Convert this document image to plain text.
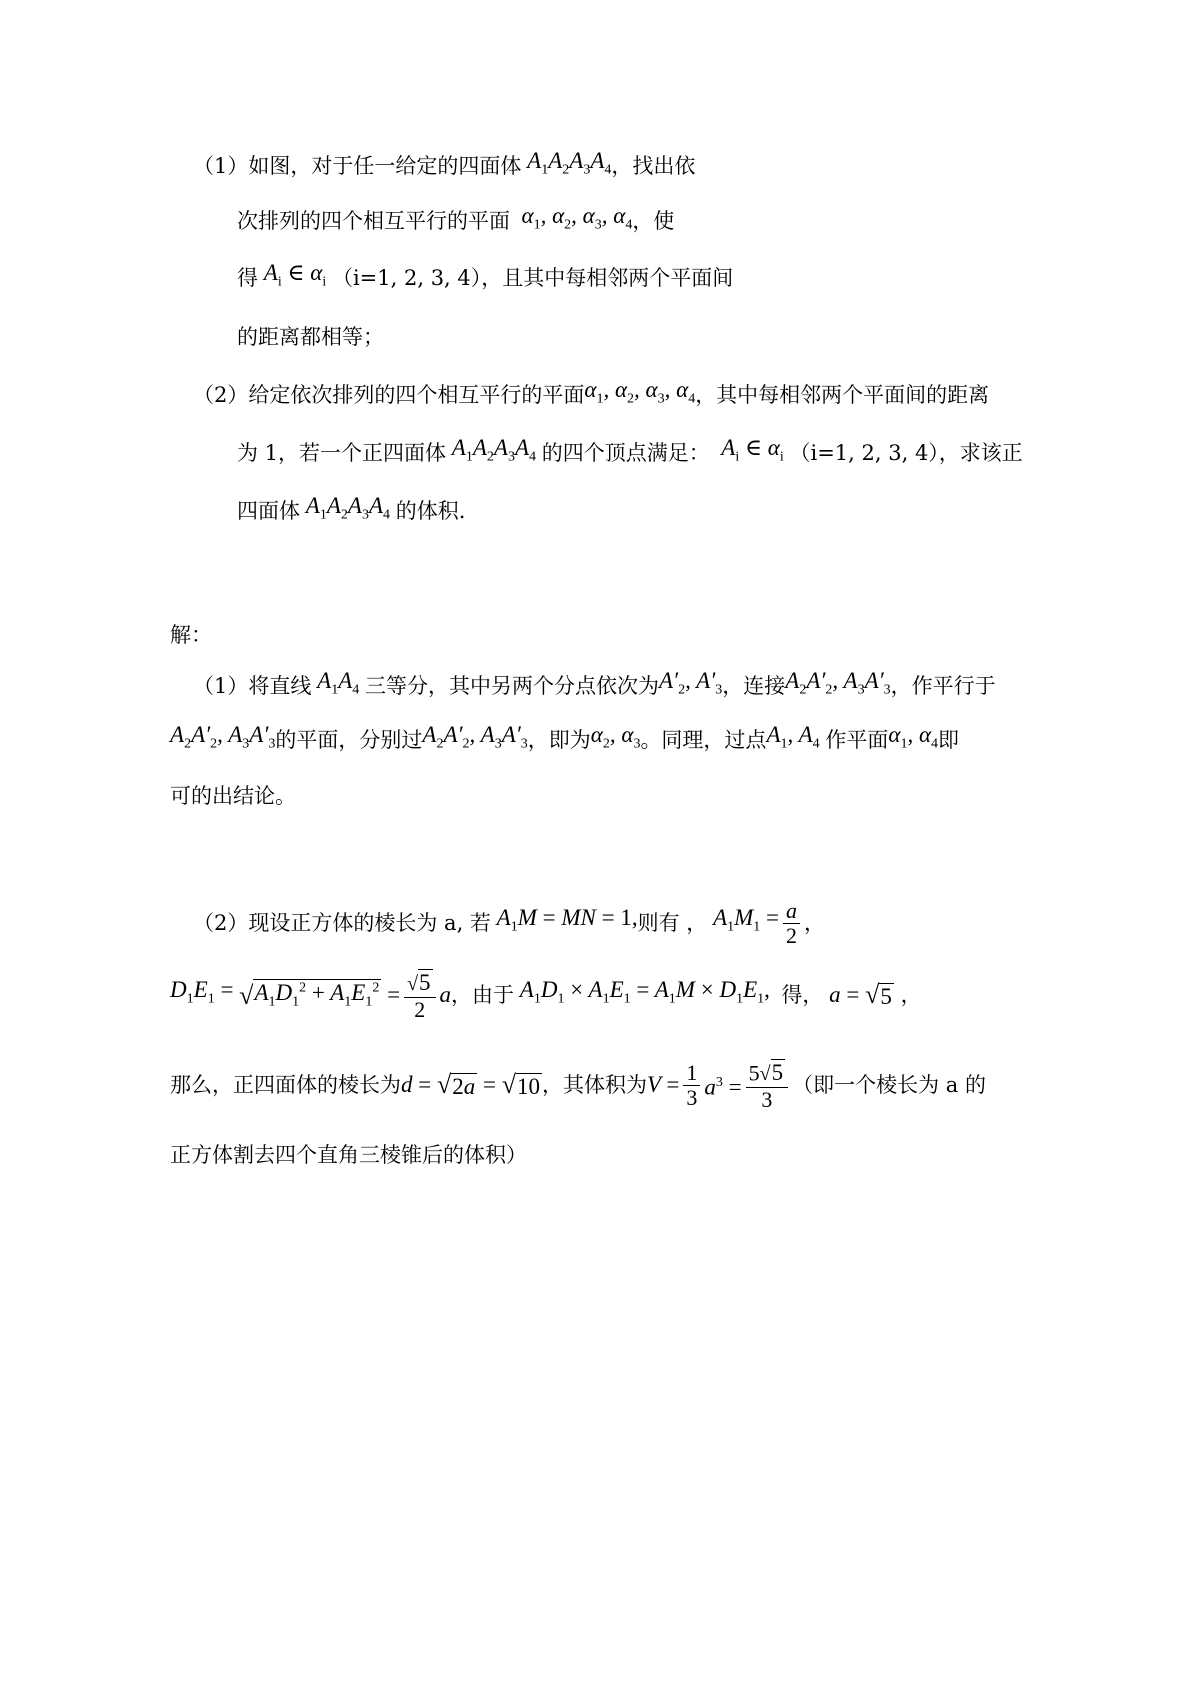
（1） 如图，对于任一给定的四面体 $A_1A_2A_3A_4$ ，找出依
次排列的四个相互平行的平面 $\alpha_1$, $\alpha_2$, $\alpha_3$, $\alpha_4$ ，使
得 $A_i$ ∈ $\alpha_i$ （i=1, 2, 3, 4），且其中每相邻两个平面间
的距离都相等；
（2） 给定依次排列的四个相互平行的平面 $\alpha_1$, $\alpha_2$, $\alpha_3$, $\alpha_4$ ，其中每相邻两个平面间的距离
为 1，若一个正四面体 $A_1A_2A_3A_4$ 的四个顶点满足： $A_i$ ∈ $\alpha_i$ （i=1, 2, 3, 4），求该正
四面体 $A_1A_2A_3A_4$ 的体积.
解：
（1） 将直线 $A_1A_4$ 三等分，其中另两个分点依次为 $A'_2$, $A'_3$ ，连接 $A_2A'_2$, $A_3A'_3$ ，作平行于
$A_2A'_2$, $A_3A'_3$ 的平面，分别过 $A_2A'_2$, $A_3A'_3$ ，即为 $\alpha_2$, $\alpha_3$ 。同理，过点 $A_1$, $A_4$ 作平面 $\alpha_1$, $\alpha_4$ 即
可的出结论。
（2） 现设正方体的棱长为 a, 若 $A_1M$ = MN = 1, 则有 ， $A_1M_1 = \frac{a}{2}$ ，
$D_1E_1$ = √ $A_1D_1^2 + A_1E_1^2 = \frac{√ 5}{2}$ a ， 由于 $A_1D_1 \times A_1E_1 = A_1M \times D_1E_1$, 得， a = √ 5 ，
那么，正四面体的棱长为 d = √ 2a = √ 10 ，其体积为 $V = \frac{1}{3} a^3 = \frac{5 √ 5}{3}$ （即一个棱长为 a 的
正方体割去四个直角三棱锥后的体积）
